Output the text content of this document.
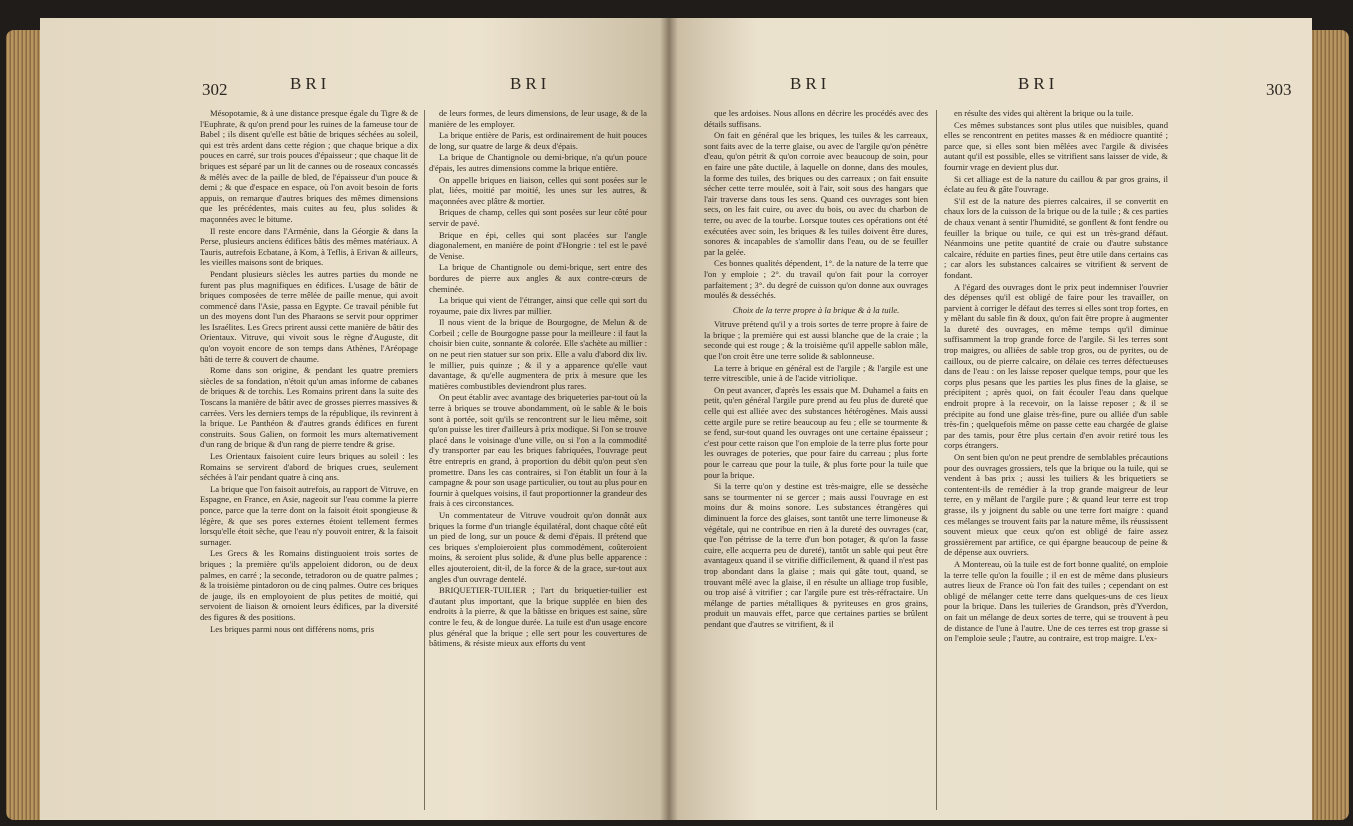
302	BRI	BRI

Mésopotamie, & à une distance presque égale du Tigre & de l'Euphrate, & qu'on prend pour les ruines de la fameuse tour de Babel ; ils disent qu'elle est bâtie de briques séchées au soleil, qui est très ardent dans cette région ; que chaque brique a dix pouces en carré, sur trois pouces d'épaisseur ; que chaque lit de briques est séparé par un lit de cannes ou de roseaux concassés & mêlés avec de la paille de bled, de l'épaisseur d'un pouce & demi ; & que d'espace en espace, où l'on avoit besoin de forts appuis, on remarque d'autres briques des mêmes dimensions que les précédentes, mais cuites au feu, plus solides & maçonnées avec le bitume.

Il reste encore dans l'Arménie, dans la Géorgie & dans la Perse, plusieurs anciens édifices bâtis des mêmes matériaux. A Tauris, autrefois Ecbatane, à Kom, à Teflis, à Erivan & ailleurs, les vieilles maisons sont de briques.

Pendant plusieurs siècles les autres parties du monde ne furent pas plus magnifiques en édifices. L'usage de bâtir de briques composées de terre mêlée de paille menue, qui avoit commencé dans l'Asie, passa en Egypte. Ce travail pénible fut un des moyens dont l'un des Pharaons se servit pour opprimer les Israélites. Les Grecs prirent aussi cette manière de bâtir des Orientaux. Vitruve, qui vivoit sous le règne d'Auguste, dit qu'on voyoit encore de son temps dans Athènes, l'Aréopage bâti de terre & couvert de chaume.

Rome dans son origine, & pendant les quatre premiers siècles de sa fondation, n'étoit qu'un amas informe de cabanes de briques & de torchis. Les Romains prirent dans la suite des Toscans la manière de bâtir avec de grosses pierres massives & carrées. Vers les derniers temps de la république, ils revinrent à la brique. Le Panthéon & d'autres grands édifices en furent construits. Sous Galien, on formoit les murs alternativement d'un rang de brique & d'un rang de pierre tendre & grise.

Les Orientaux faisoient cuire leurs briques au soleil : les Romains se servirent d'abord de briques crues, seulement séchées à l'air pendant quatre à cinq ans.

La brique que l'on faisoit autrefois, au rapport de Vitruve, en Espagne, en France, en Asie, nageoit sur l'eau comme la pierre ponce, parce que la terre dont on la faisoit étoit spongieuse & légère, & que ses pores externes étoient tellement fermes lorsqu'elle étoit sèche, que l'eau n'y pouvoit entrer, & la faisoit surnager.

Les Grecs & les Romains distinguoient trois sortes de briques ; la première qu'ils appeloient didoron, ou de deux palmes, en carré ; la seconde, tetradoron ou de quatre palmes ; & la troisième pintadoron ou de cinq palmes. Outre ces briques de jauge, ils en employoient de plus petites de moitié, qui servoient de liaison & ornoient leurs édifices, par la diversité des figures & des positions.

Les briques parmi nous ont différens noms, pris

de leurs formes, de leurs dimensions, de leur usage, & de la manière de les employer.

La brique entière de Paris, est ordinairement de huit pouces de long, sur quatre de large & deux d'épais.

La brique de Chantignole ou demi-brique, n'a qu'un pouce d'épais, les autres dimensions comme la brique entière.

On appelle briques en liaison, celles qui sont posées sur le plat, liées, moitié par moitié, les unes sur les autres, & maçonnées avec plâtre & mortier.

Briques de champ, celles qui sont posées sur leur côté pour servir de pavé.

Brique en épi, celles qui sont placées sur l'angle diagonalement, en manière de point d'Hongrie : tel est le pavé de Venise.

La brique de Chantignole ou demi-brique, sert entre des bordures de pierre aux angles & aux contre-cœurs de cheminée.

La brique qui vient de l'étranger, ainsi que celle qui sort du royaume, paie dix livres par millier.

Il nous vient de la brique de Bourgogne, de Melun & de Corbeil ; celle de Bourgogne passe pour la meilleure : il faut la choisir bien cuite, sonnante & colorée. Elle s'achète au millier : on ne peut rien statuer sur son prix. Elle a valu d'abord dix liv. le millier, puis quinze ; & il y a apparence qu'elle vaut davantage, & qu'elle augmentera de prix à mesure que les matières combustibles deviendront plus rares.

On peut établir avec avantage des briqueteries par-tout où la terre à briques se trouve abondamment, où le sable & le bois sont à portée, soit qu'ils se rencontrent sur le lieu même, soit qu'on puisse les tirer d'ailleurs à prix modique. Si l'on se trouve placé dans le voisinage d'une ville, ou si l'on a la commodité d'y transporter par eau les briques fabriquées, l'ouvrage peut être entrepris en grand, à proportion du débit qu'on peut s'en promettre. Dans les cas contraires, si l'on établit un four à la campagne & pour son usage particulier, ou tout au plus pour en fournir à quelques voisins, il faut proportionner la grandeur des frais à ces circonstances.

Un commentateur de Vitruve voudroit qu'on donnât aux briques la forme d'un triangle équilatéral, dont chaque côté eût un pied de long, sur un pouce & demi d'épais. Il prétend que ces briques s'emploieroient plus commodément, coûteroient moins, & seroient plus solide, & d'une plus belle apparence : elles ajouteroient, dit-il, de la force & de la grace, sur-tout aux angles d'un ouvrage dentelé.

BRIQUETIER-TUILIER ; l'art du briquetier-tuilier est d'autant plus important, que la brique supplée en bien des endroits à la pierre, & que la bâtisse en briques est saine, sûre contre le feu, & de longue durée. La tuile est d'un usage encore plus général que la brique ; elle sert pour les couvertures de bâtimens, & résiste mieux aux efforts du vent

BRI	BRI	303

que les ardoises. Nous allons en décrire les procédés avec des détails suffisans.

On fait en général que les briques, les tuiles & les carreaux, sont faits avec de la terre glaise, ou avec de l'argile qu'on pénètre d'eau, qu'on pétrit & qu'on corroie avec beaucoup de soin, pour en faire une pâte ductile, à laquelle on donne, dans des moules, la forme des tuiles, des briques ou des carreaux ; on fait ensuite sécher cette terre moulée, soit à l'air, soit sous des hangars que l'air traverse dans tous les sens. Quand ces ouvrages sont bien secs, on les fait cuire, ou avec du bois, ou avec du charbon de terre, ou avec de la tourbe. Lorsque toutes ces opérations ont été exécutées avec soin, les briques & les tuiles doivent être dures, sonores & incapables de s'amollir dans l'eau, ou de se feuiller par la gelée.

Ces bonnes qualités dépendent, 1°. de la nature de la terre que l'on y emploie ; 2°. du travail qu'on fait pour la corroyer parfaitement ; 3°. du degré de cuisson qu'on donne aux ouvrages moulés & desséchés.

Choix de la terre propre à la brique & à la tuile.

Vitruve prétend qu'il y a trois sortes de terre propre à faire de la brique ; la première qui est aussi blanche que de la craie ; la seconde qui est rouge ; & la troisième qu'il appelle sablon mâle, que l'on croit être une terre solide & sablonneuse.

La terre à brique en général est de l'argile ; & l'argile est une terre vitrescible, unie à de l'acide vitriolique.

On peut avancer, d'après les essais que M. Duhamel a faits en petit, qu'en général l'argile pure prend au feu plus de dureté que celle qui est alliée avec des substances hétérogènes. Mais aussi cette argile pure se retire beaucoup au feu ; elle se tourmente & se fend, sur-tout quand les ouvrages ont une certaine épaisseur ; c'est pour cette raison que l'on emploie de la terre plus forte pour les ouvrages de poteries, que pour faire du carreau ; plus forte pour le carreau que pour la tuile, & plus forte pour la tuile que pour la brique.

Si la terre qu'on y destine est très-maigre, elle se dessèche sans se tourmenter ni se gercer ; mais aussi l'ouvrage en est moins dur & moins sonore. Les substances étrangères qui diminuent la force des glaises, sont tantôt une terre limoneuse & végétale, qui ne contribue en rien à la dureté des ouvrages (car, que l'on pétrisse de la terre d'un bon potager, & qu'on la fasse cuire, elle acquerra peu de dureté), tantôt un sable qui peut être avantageux quand il se vitrifie difficilement, & quand il n'est pas trop abondant dans la glaise ; mais qui gâte tout, quand, se trouvant mêlé avec la glaise, il en résulte un alliage trop fusible, ou trop aisé à vitrifier ; car l'argile pure est très-réfractaire. Un mélange de parties métalliques & pyriteuses en gros grains, produit un mauvais effet, parce que certaines parties se brûlent pendant que d'autres se vitrifient, & il

en résulte des vides qui altèrent la brique ou la tuile.

Ces mêmes substances sont plus utiles que nuisibles, quand elles se rencontrent en petites masses & en médiocre quantité ; parce que, si elles sont bien mêlées avec l'argile & divisées autant qu'il est possible, elles se vitrifient sans laisser de vide, & fournir vrage en devient plus dur.

Si cet alliage est de la nature du caillou & par gros grains, il éclate au feu & gâte l'ouvrage.

S'il est de la nature des pierres calcaires, il se convertit en chaux lors de la cuisson de la brique ou de la tuile ; & ces parties de chaux venant à sentir l'humidité, se gonflent & font fendre ou feuiller la brique ou tuile, ce qui est un très-grand défaut. Néanmoins une petite quantité de craie ou d'autre substance calcaire, réduite en parties fines, peut être utile dans certains cas ; car alors les substances calcaires se vitrifient & servent de fondant.

A l'égard des ouvrages dont le prix peut indemniser l'ouvrier des dépenses qu'il est obligé de faire pour les travailler, on parvient à corriger le défaut des terres si elles sont trop fortes, en y mêlant du sable fin & doux, qu'on fait être propre à augmenter la dureté des ouvrages, en même temps qu'il diminue suffisamment la trop grande force de l'argile. Si les terres sont trop maigres, ou alliées de sable trop gros, ou de pyrites, ou de cailloux, ou de pierre calcaire, on délaie ces terres défectueuses dans de l'eau : on les laisse reposer quelque temps, pour que les corps plus pesans que les parties les plus fines de la glaise, se précipitent ; après quoi, on fait écouler l'eau dans quelque endroit propre à la recevoir, on la laisse reposer ; & il se précipite au fond une glaise très-fine, pure ou alliée d'un sable très-fin ; quelquefois même on passe cette eau chargée de glaise par des tamis, pour être plus certain d'en avoir retiré tous les corps étrangers.

On sent bien qu'on ne peut prendre de semblables précautions pour des ouvrages grossiers, tels que la brique ou la tuile, qui se vendent à bas prix ; aussi les tuiliers & les briquetiers se contentent-ils de remédier à la trop grande maigreur de leur terre, en y mêlant de l'argile pure ; & quand leur terre est trop grasse, ils y joignent du sable ou une terre fort maigre : quand ces mélanges se trouvent faits par la nature même, ils réussissent souvent mieux que ceux qu'on est obligé de faire assez grossièrement par artifice, ce qui épargne beaucoup de peine & de dépense aux ouvriers.

A Montereau, où la tuile est de fort bonne qualité, on emploie la terre telle qu'on la fouille ; il en est de même dans plusieurs autres lieux de France où l'on fait des tuiles ; cependant on est obligé de mélanger cette terre dans quelques-uns de ces lieux pour la brique. Dans les tuileries de Grandson, près d'Yverdon, on fait un mélange de deux sortes de terre, qui se trouvent à peu de distance de l'une à l'autre. Une de ces terres est trop grasse si on l'emploie seule ; l'autre, au contraire, est trop maigre. L'ex-
